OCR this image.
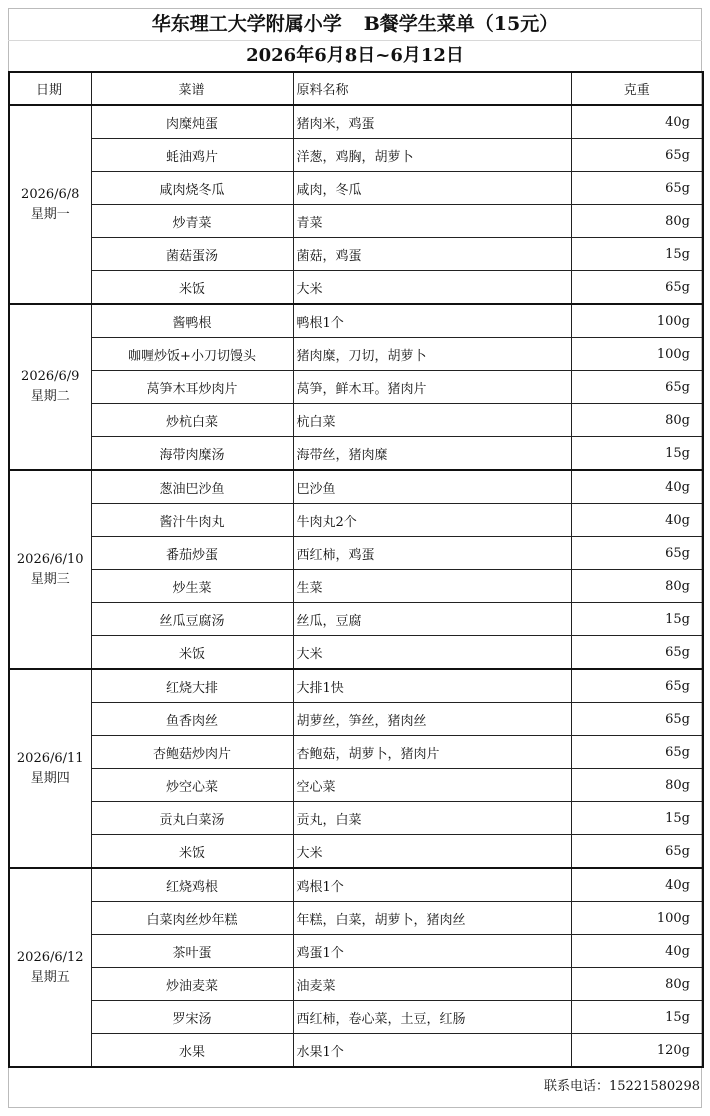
华东理工大学附属小学 B餐学生菜单（15元）
2026年6月8日~6月12日
日期	菜谱	原料名称	克重

2026/6/8
星期一	肉糜炖蛋	猪肉米，鸡蛋	40g
	蚝油鸡片	洋葱，鸡胸，胡萝卜	65g
	咸肉烧冬瓜	咸肉，冬瓜	65g
	炒青菜	青菜	80g
	菌菇蛋汤	菌菇，鸡蛋	15g
	米饭	大米	65g

2026/6/9
星期二	酱鸭根	鸭根1个	100g
	咖喱炒饭+小刀切馒头	猪肉糜，刀切，胡萝卜	100g
	莴笋木耳炒肉片	莴笋，鲜木耳。猪肉片	65g
	炒杭白菜	杭白菜	80g
	海带肉糜汤	海带丝，猪肉糜	15g

2026/6/10
星期三	葱油巴沙鱼	巴沙鱼	40g
	酱汁牛肉丸	牛肉丸2个	40g
	番茄炒蛋	西红柿，鸡蛋	65g
	炒生菜	生菜	80g
	丝瓜豆腐汤	丝瓜，豆腐	15g
	米饭	大米	65g

2026/6/11
星期四	红烧大排	大排1快	65g
	鱼香肉丝	胡萝丝，笋丝，猪肉丝	65g
	杏鲍菇炒肉片	杏鲍菇，胡萝卜，猪肉片	65g
	炒空心菜	空心菜	80g
	贡丸白菜汤	贡丸，白菜	15g
	米饭	大米	65g

2026/6/12
星期五	红烧鸡根	鸡根1个	40g
	白菜肉丝炒年糕	年糕，白菜，胡萝卜，猪肉丝	100g
	茶叶蛋	鸡蛋1个	40g
	炒油麦菜	油麦菜	80g
	罗宋汤	西红柿，卷心菜，土豆，红肠	15g
	水果	水果1个	120g
联系电话：15221580298
